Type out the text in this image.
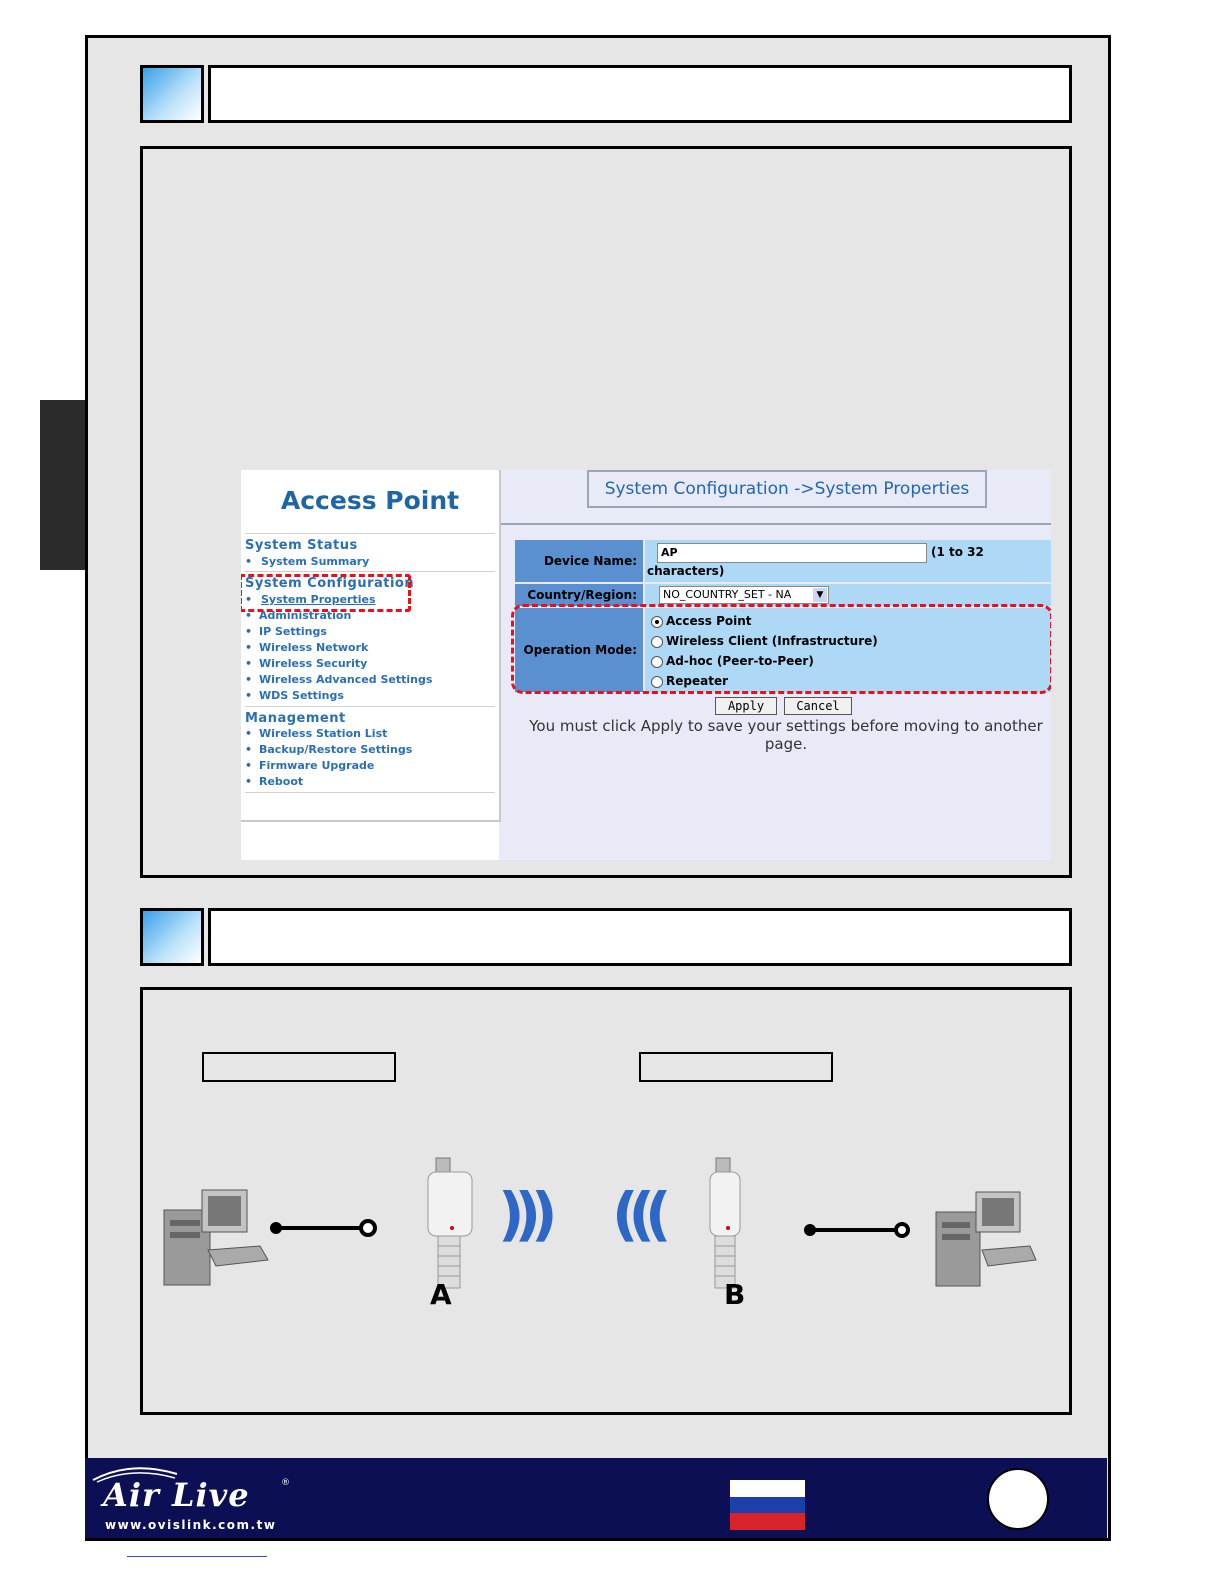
Access Point
System Status
• System Summary
System Configuration
• System Properties
• Administration
• IP Settings
• Wireless Network
• Wireless Security
• Wireless Advanced Settings
• WDS Settings
Management
• Wireless Station List
• Backup/Restore Settings
• Firmware Upgrade
• Reboot
System Configuration ->System Properties
Device Name:
AP	(1 to 32
characters)
Country/Region:	NO_COUNTRY_SET - NA	▼
Operation Mode:
Access Point
Wireless Client (Infrastructure)
Ad-hoc (Peer-to-Peer)
Repeater
Apply	Cancel
You must click Apply to save your settings before moving to another page.
))) (((
A	B
Air Live	®
www.ovislink.com.tw
